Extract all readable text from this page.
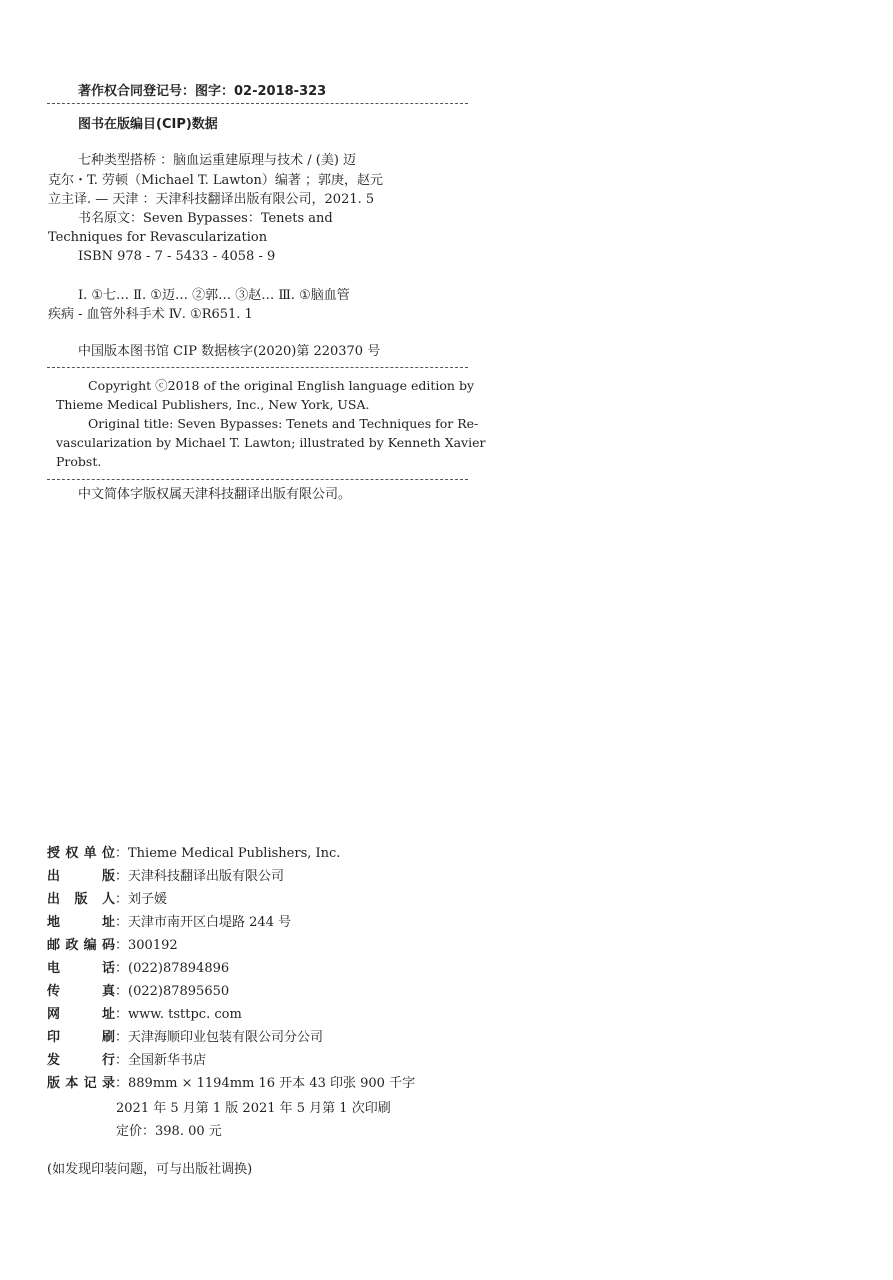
著作权合同登记号：图字：02-2018-323
图书在版编目(CIP)数据
七种类型搭桥 ：脑血运重建原理与技术 / (美) 迈
克尔・T. 劳顿（Michael T. Lawton）编著 ；郭庚，赵元
立主译. — 天津 ：天津科技翻译出版有限公司，2021. 5
书名原文：Seven Bypasses：Tenets and
Techniques for Revascularization
ISBN 978 - 7 - 5433 - 4058 - 9
Ⅰ. ①七… Ⅱ. ①迈… ②郭… ③赵… Ⅲ. ①脑血管
疾病 - 血管外科手术 Ⅳ. ①R651. 1
中国版本图书馆 CIP 数据核字(2020)第 220370 号
Copyright ⓒ2018 of the original English language edition by
Thieme Medical Publishers, Inc., New York, USA.
Original title: Seven Bypasses: Tenets and Techniques for Re-
vascularization by Michael T. Lawton; illustrated by Kenneth Xavier
Probst.
中文简体字版权属天津科技翻译出版有限公司。
授权单位：Thieme Medical Publishers, Inc.
出 版：天津科技翻译出版有限公司
出 版 人：刘子媛
地 址：天津市南开区白堤路 244 号
邮政编码：300192
电 话：(022)87894896
传 真：(022)87895650
网 址：www. tsttpc. com
印 刷：天津海顺印业包装有限公司分公司
发 行：全国新华书店
版本记录：889mm × 1194mm 16 开本 43 印张 900 千字
2021 年 5 月第 1 版 2021 年 5 月第 1 次印刷
定价：398. 00 元
(如发现印装问题，可与出版社调换)
